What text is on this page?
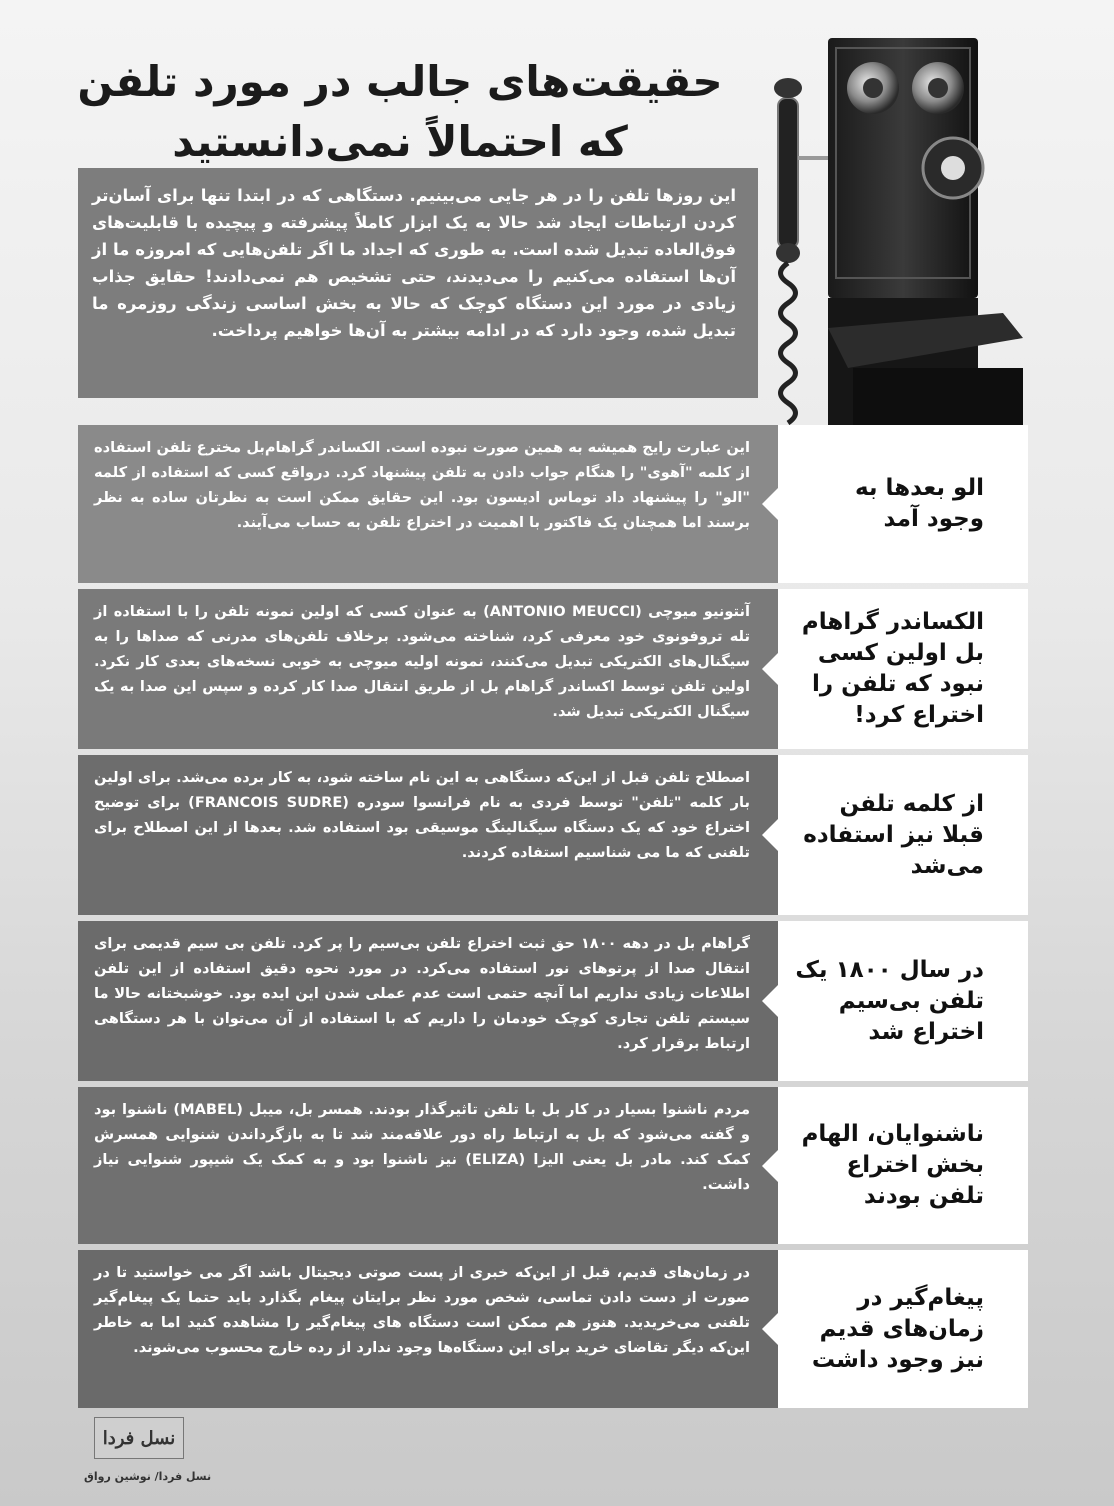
حقیقت‌های جالب در مورد تلفن
که احتمالاً نمی‌دانستید
این روزها تلفن را در هر جایی می‌بینیم. دستگاهی که در ابتدا تنها برای آسان‌تر کردن ارتباطات ایجاد شد حالا به یک ابزار کاملاً پیشرفته و پیچیده با قابلیت‌های فوق‌العاده تبدیل شده است. به طوری که اجداد ما اگر تلفن‌هایی که امروزه ما از آن‌ها استفاده می‌کنیم را می‌دیدند، حتی تشخیص هم نمی‌دادند! حقایق جذاب زیادی در مورد این دستگاه کوچک که حالا به بخش اساسی زندگی روزمره ما تبدیل شده، وجود دارد که در ادامه بیشتر به آن‌ها خواهیم پرداخت.
این عبارت رایج همیشه به همین صورت نبوده است. الکساندر گراهام‌بل مخترع تلفن استفاده از کلمه "آهوی" را هنگام جواب دادن به تلفن پیشنهاد کرد. درواقع کسی که استفاده از کلمه "الو" را پیشنهاد داد توماس ادیسون بود. این حقایق ممکن است به نظرتان ساده به نظر برسند اما همچنان یک فاکتور با اهمیت در اختراع تلفن به حساب می‌آیند.
الو بعدها به وجود آمد
آنتونیو میوچی (ANTONIO MEUCCI) به عنوان کسی که اولین نمونه تلفن را با استفاده از تله تروفونوی خود معرفی کرد، شناخته می‌شود. برخلاف تلفن‌های مدرنی که صداها را به سیگنال‌های الکتریکی تبدیل می‌کنند، نمونه اولیه میوچی به خوبی نسخه‌های بعدی کار نکرد. اولین تلفن توسط اکساندر گراهام بل از طریق انتقال صدا کار کرده و سپس این صدا به یک سیگنال الکتریکی تبدیل شد.
الکساندر گراهام بل اولین کسی نبود که تلفن را اختراع کرد!
اصطلاح تلفن قبل از این‌که دستگاهی به این نام ساخته شود، به کار برده می‌شد. برای اولین بار کلمه "تلفن" توسط فردی به نام فرانسوا سودره (FRANCOIS SUDRE) برای توضیح اختراع خود که یک دستگاه سیگنالینگ موسیقی بود استفاده شد. بعدها از این اصطلاح برای تلفنی که ما می شناسیم استفاده کردند.
از کلمه تلفن قبلا نیز استفاده می‌شد
گراهام بل در دهه ۱۸۰۰ حق ثبت اختراع تلفن بی‌سیم را پر کرد. تلفن بی سیم قدیمی برای انتقال صدا از پرتوهای نور استفاده می‌کرد. در مورد نحوه دقیق استفاده از این تلفن اطلاعات زیادی نداریم اما آنچه حتمی است عدم عملی شدن این ایده بود. خوشبختانه حالا ما سیستم تلفن تجاری کوچک خودمان را داریم که با استفاده از آن می‌توان با هر دستگاهی ارتباط برقرار کرد.
در سال ۱۸۰۰ یک تلفن بی‌سیم اختراع شد
مردم ناشنوا بسیار در کار بل با تلفن تاثیرگذار بودند. همسر بل، میبل (MABEL) ناشنوا بود و گفته می‌شود که بل به ارتباط راه دور علاقه‌مند شد تا به بازگرداندن شنوایی همسرش کمک کند. مادر بل یعنی الیزا (ELIZA) نیز ناشنوا بود و به کمک یک شیپور شنوایی نیاز داشت.
ناشنوایان، الهام بخش اختراع تلفن بودند
در زمان‌های قدیم، قبل از این‌که خبری از پست صوتی دیجیتال باشد اگر می خواستید تا در صورت از دست دادن تماسی، شخص مورد نظر برایتان پیغام بگذارد باید حتما یک پیغام‌گیر تلفنی می‌خریدید. هنوز هم ممکن است دستگاه های پیغام‌گیر را مشاهده کنید اما به خاطر این‌که دیگر تقاضای خرید برای این دستگاه‌ها وجود ندارد از رده خارج محسوب می‌شوند.
پیغام‌گیر در زمان‌های قدیم نیز وجود داشت
نسل فردا
نسل فردا/ نوشین رواق
